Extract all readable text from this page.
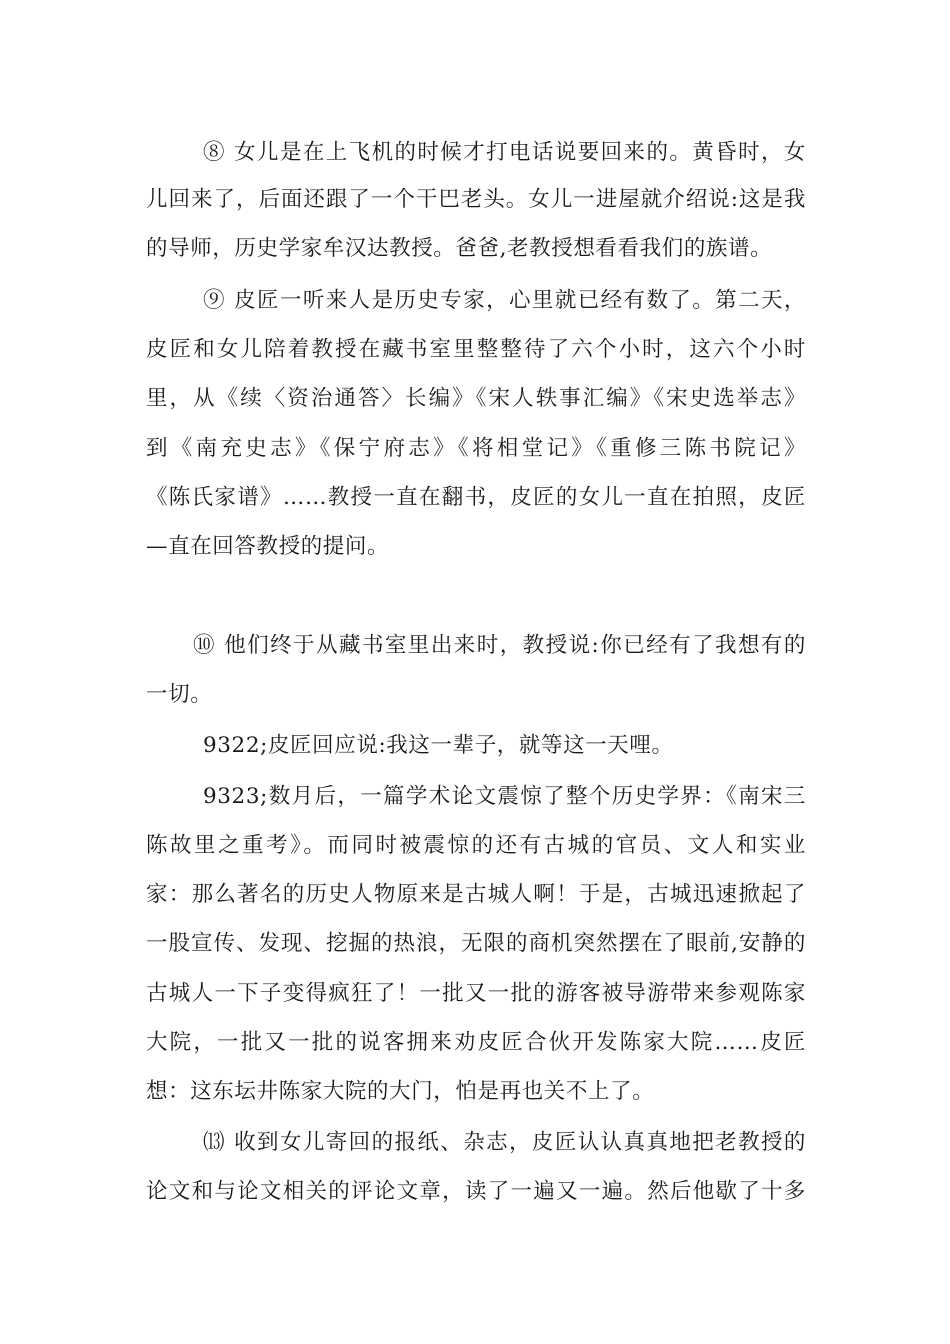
⑧ 女儿是在上飞机的时候才打电话说要回来的。黄昏时，女
儿回来了，后面还跟了一个干巴老头。女儿一进屋就介绍说:这是我
的导师，历史学家牟汉达教授。爸爸,老教授想看看我们的族谱。
⑨ 皮匠一听来人是历史专家，心里就已经有数了。第二天，
皮匠和女儿陪着教授在藏书室里整整待了六个小时，这六个小时
里，从《续〈资治通答〉长编》《宋人轶事汇编》《宋史选举志》
到《南充史志》《保宁府志》《将相堂记》《重修三陈书院记》
《陈氏家谱》……教授一直在翻书，皮匠的女儿一直在拍照，皮匠
—直在回答教授的提问。
⑩ 他们终于从藏书室里出来时，教授说:你已经有了我想有的
一切。
9322;皮匠回应说:我这一辈子，就等这一天哩。
9323;数月后，一篇学术论文震惊了整个历史学界：《南宋三
陈故里之重考》。而同时被震惊的还有古城的官员、文人和实业
家：那么著名的历史人物原来是古城人啊！于是，古城迅速掀起了
一股宣传、发现、挖掘的热浪，无限的商机突然摆在了眼前,安静的
古城人一下子变得疯狂了！一批又一批的游客被导游带来参观陈家
大院，一批又一批的说客拥来劝皮匠合伙开发陈家大院……皮匠
想：这东坛井陈家大院的大门，怕是再也关不上了。
⒀ 收到女儿寄回的报纸、杂志，皮匠认认真真地把老教授的
论文和与论文相关的评论文章，读了一遍又一遍。然后他歇了十多
